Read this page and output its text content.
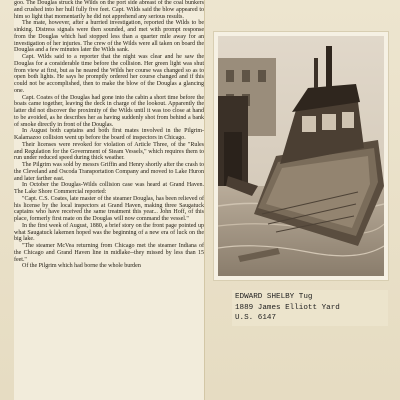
goo. The Douglas struck the Wilds on the port side abreast of the coal bunkers and crushed into her hull fully five feet. Capt. Wilds said the blow appeared to him so light that momentarily he did not apprehend any serious results.

The mate, however, after a hurried investigation, reported the Wilds to be sinking. Distress signals were then sounded, and met with prompt response from the Douglas which had stopped less than a quarter mile away for an investigation of her injuries. The crew of the Wilds were all taken on board the Douglas and a few minutes later the Wilds sank.

Capt. Wilds said to a reporter that the night was clear and he saw the Douglas for a considerable time before the collision. Her green light was shut from view at first, but as he neared the Wilds her course was changed so as to open both lights. He says he promptly ordered her course changed and if this could not be accomplished, then to make the blow of the Douglas a glancing one.

Capt. Coates of the Douglas had gone into the cabin a short time before the boats came together, leaving the deck in charge of the lookout. Apparently the latter did not discover the proximity of the Wilds until it was too close at hand to be avoided, as he describes her as having suddenly shot from behind a bank of smoke directly in front of the Douglas.

In August both captains and both first mates involved in the Pilgrim-Kalamazoo collision went up before the board of inspectors in Chicago.

Their licenses were revoked for violation of Article Three, of the "Rules and Regulation for the Government of Steam Vessels," which requires them to run under reduced speed during thick weather.

The Pilgrim was sold by messrs Griffin and Henry shortly after the crash to the Cleveland and Oscoda Transportation Company and moved to Lake Huron and later farther east.

In October the Douglas-Wilds collision case was heard at Grand Haven. The Lake Shore Commercial reported:

"Capt. C.S. Coates, late master of the steamer Douglas, has been relieved of his license by the local inspectors at Grand Haven, making three Saugatuck captains who have received the same treatment this year... John Hoff, of this place, formerly first mate on the Douglas will now command the vessel."

In the first week of August, 1880, a brief story on the front page pointed up what Saugatuck lakemen hoped was the beginning of a new era of luck on the big lake.

"The steamer McVea returning from Chicago met the steamer Indiana of the Chicago and Grand Haven line in midlake--they missed by less than 15 feet."

Of the Pilgrim which had borne the whole burden

EDWARD SHELBY Tug
1889 James Elliott Yard
U.S. 6147
